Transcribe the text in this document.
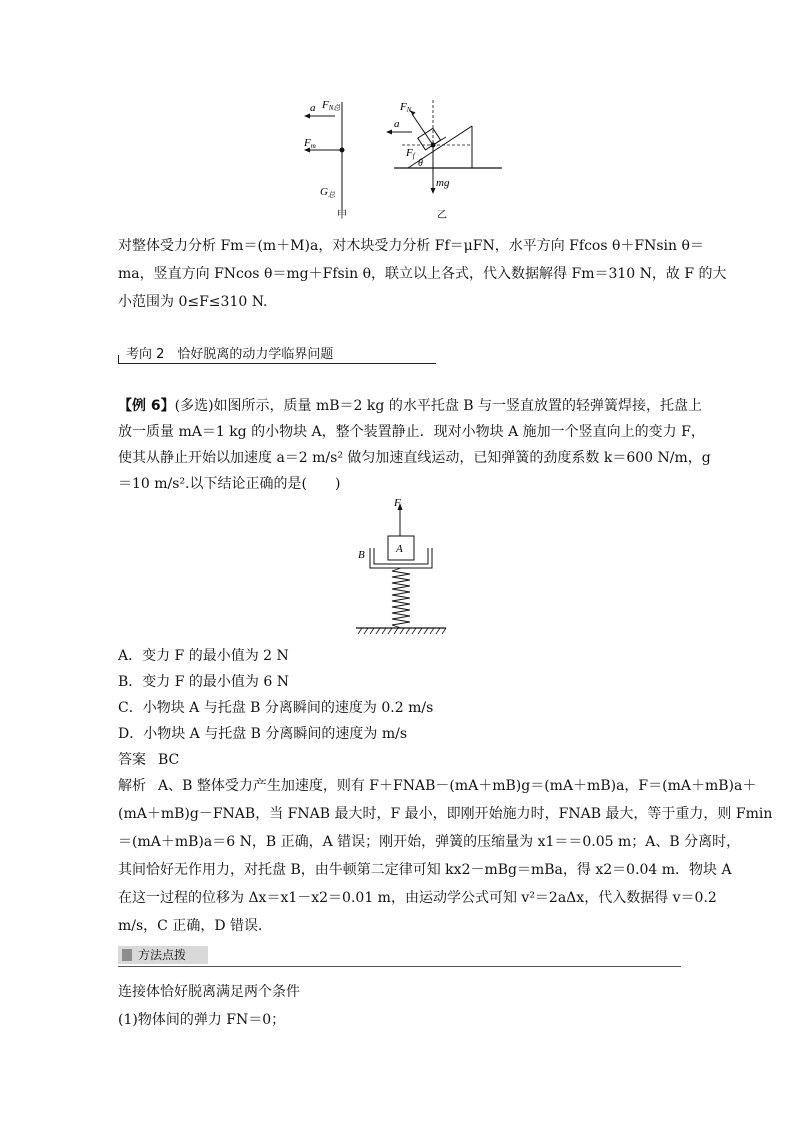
FN总
a
Fm
G总
甲
FN
a
Ff
θ
mg
乙
对整体受力分析 Fm＝(m＋M)a，对木块受力分析 Ff＝μFN，水平方向 Ffcos θ＋FNsin θ＝
ma，竖直方向 FNcos θ＝mg＋Ffsin θ，联立以上各式，代入数据解得 Fm＝310 N，故 F 的大
小范围为 0≤F≤310 N.
考向 2　恰好脱离的动力学临界问题
【例 6】(多选)如图所示，质量 mB＝2 kg 的水平托盘 B 与一竖直放置的轻弹簧焊接，托盘上
放一质量 mA＝1 kg 的小物块 A，整个装置静止．现对小物块 A 施加一个竖直向上的变力 F，
使其从静止开始以加速度 a＝2 m/s² 做匀加速直线运动，已知弹簧的劲度系数 k＝600 N/m，g
＝10 m/s².以下结论正确的是(　　)
F
A
B
A．变力 F 的最小值为 2 N
B．变力 F 的最小值为 6 N
C．小物块 A 与托盘 B 分离瞬间的速度为 0.2 m/s
D．小物块 A 与托盘 B 分离瞬间的速度为 m/s
答案 BC
解析 A、B 整体受力产生加速度，则有 F＋FNAB－(mA＋mB)g＝(mA＋mB)a，F＝(mA＋mB)a＋
(mA＋mB)g－FNAB，当 FNAB 最大时，F 最小，即刚开始施力时，FNAB 最大，等于重力，则 Fmin
＝(mA＋mB)a＝6 N，B 正确，A 错误；刚开始，弹簧的压缩量为 x1＝＝0.05 m；A、B 分离时，
其间恰好无作用力，对托盘 B，由牛顿第二定律可知 kx2－mBg＝mBa，得 x2＝0.04 m．物块 A
在这一过程的位移为 Δx＝x1－x2＝0.01 m，由运动学公式可知 v²＝2aΔx，代入数据得 v＝0.2
m/s，C 正确，D 错误．
方法点拨
连接体恰好脱离满足两个条件
(1)物体间的弹力 FN＝0；
